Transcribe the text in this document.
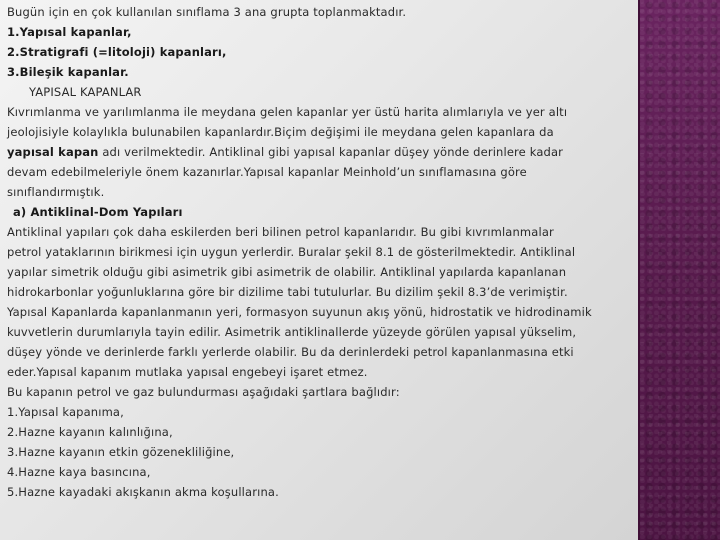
Bugün için en çok kullanılan sınıflama 3 ana grupta toplanmaktadır.
1.Yapısal kapanlar,
2.Stratigrafi (=litoloji) kapanları,
3.Bileşik kapanlar.
YAPISAL KAPANLAR
Kıvrımlanma ve yarılımlanma ile meydana gelen kapanlar yer üstü harita alımlarıyla ve yer altı
jeolojisiyle kolaylıkla bulunabilen kapanlardır.Biçim değişimi ile meydana gelen kapanlara da
yapısal kapan adı verilmektedir. Antiklinal gibi yapısal kapanlar düşey yönde derinlere kadar
devam edebilmeleriyle önem kazanırlar.Yapısal kapanlar Meinhold’un sınıflamasına göre
sınıflandırmıştık.
a) Antiklinal-Dom Yapıları
Antiklinal yapıları çok daha eskilerden beri bilinen petrol kapanlarıdır. Bu gibi kıvrımlanmalar
petrol yataklarının birikmesi için uygun yerlerdir. Buralar şekil 8.1 de gösterilmektedir. Antiklinal
yapılar simetrik olduğu gibi asimetrik gibi asimetrik de olabilir. Antiklinal yapılarda kapanlanan
hidrokarbonlar yoğunluklarına göre bir dizilime tabi tutulurlar. Bu dizilim şekil 8.3’de verimiştir.
Yapısal Kapanlarda kapanlanmanın yeri, formasyon suyunun akış yönü, hidrostatik ve hidrodinamik
kuvvetlerin durumlarıyla tayin edilir. Asimetrik antiklinallerde yüzeyde görülen yapısal yükselim,
düşey yönde ve derinlerde farklı yerlerde olabilir. Bu da derinlerdeki petrol kapanlanmasına etki
eder.Yapısal kapanım mutlaka yapısal engebeyi işaret etmez.
Bu kapanın petrol ve gaz bulundurması aşağıdaki şartlara bağlıdır:
1.Yapısal kapanıma,
2.Hazne kayanın kalınlığına,
3.Hazne kayanın etkin gözenekliliğine,
4.Hazne kaya basıncına,
5.Hazne kayadaki akışkanın akma koşullarına.
